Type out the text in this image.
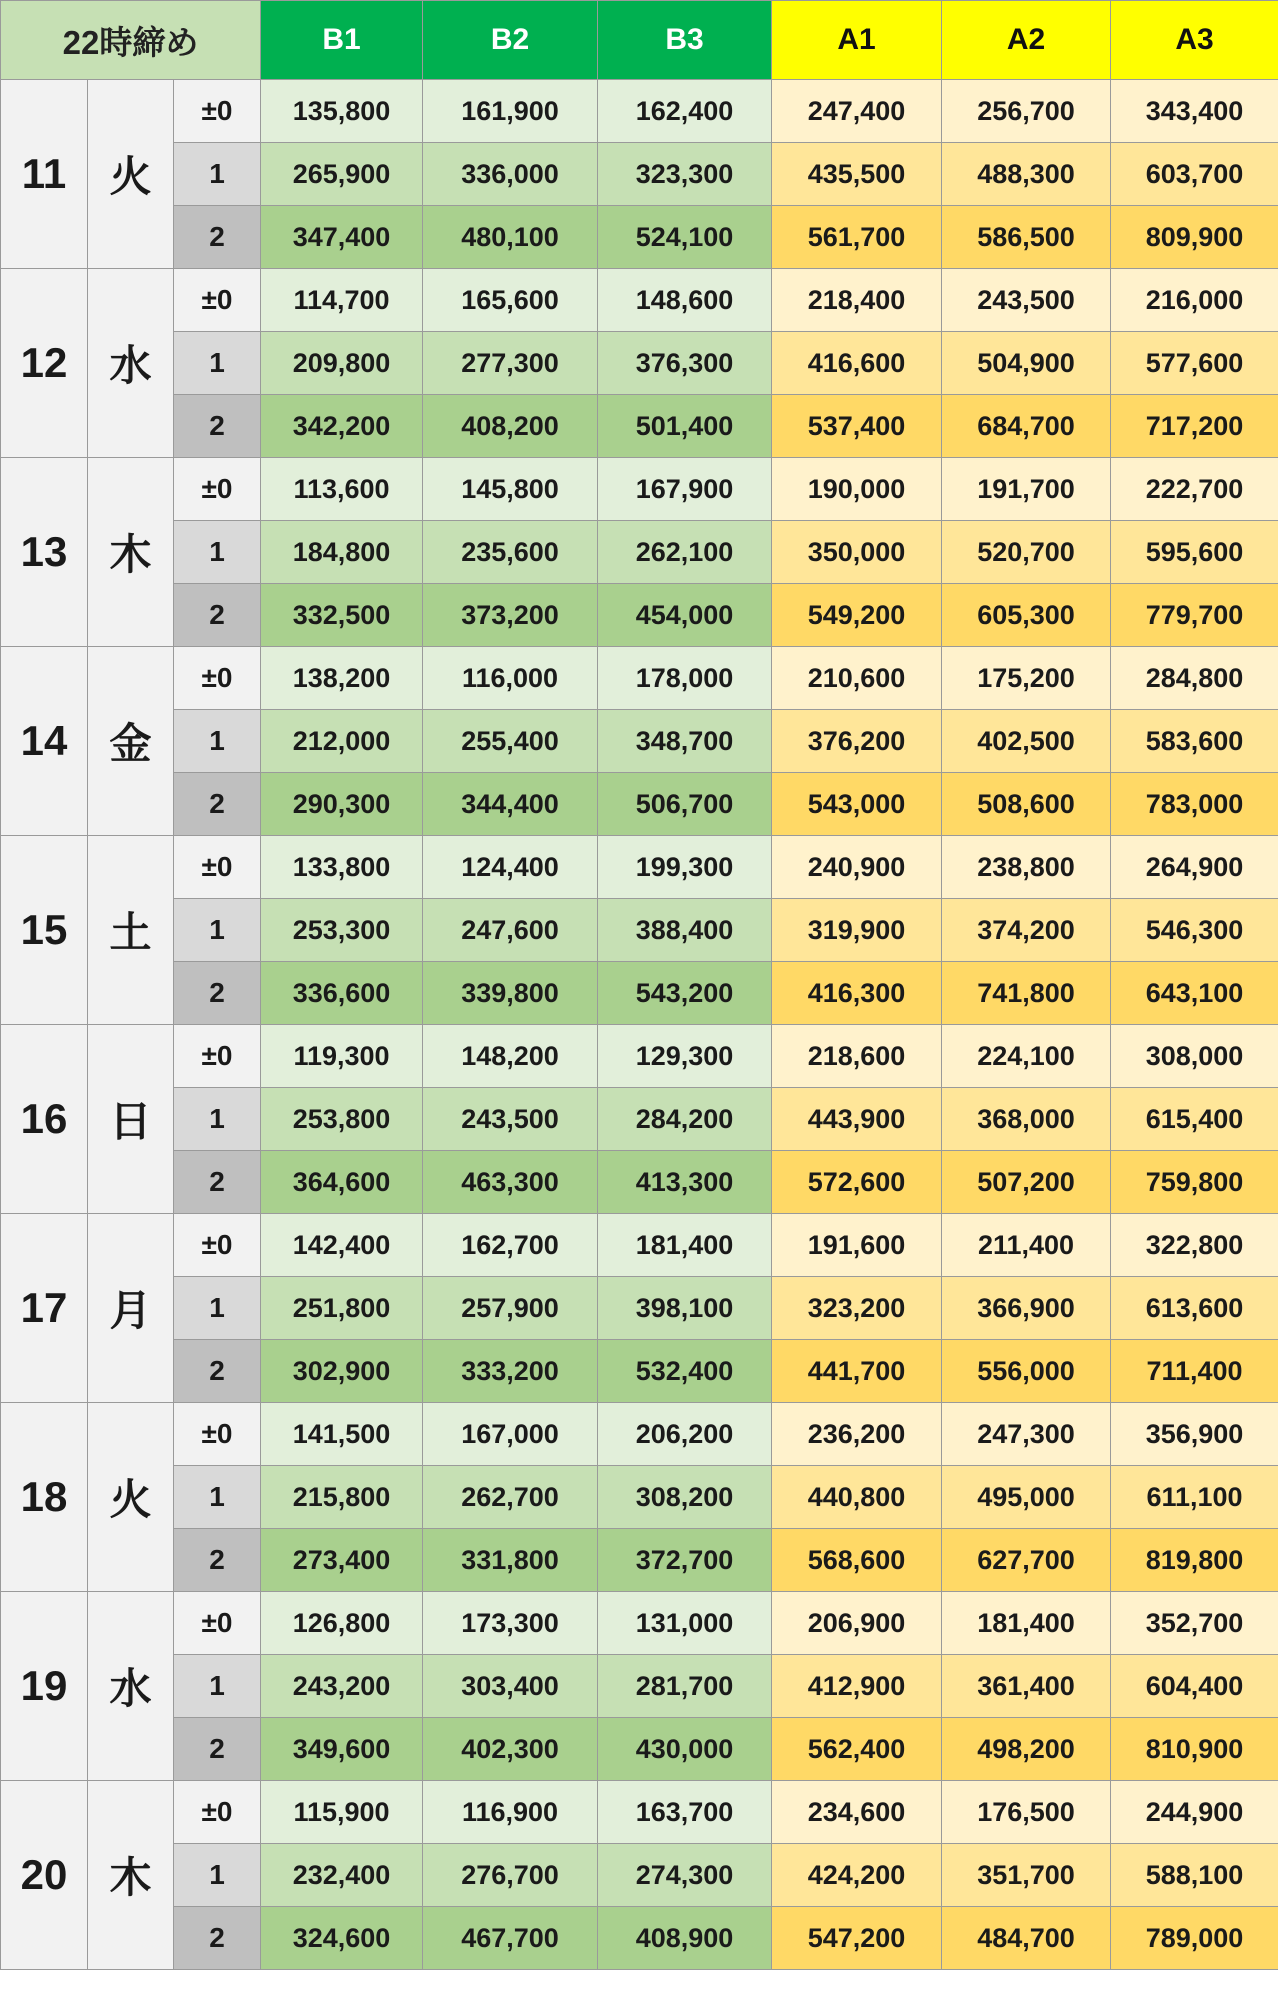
22時締め			B1	B2	B3	A1	A2	A3
11	火	±0	135,800	161,900	162,400	247,400	256,700	343,400
		1	265,900	336,000	323,300	435,500	488,300	603,700
		2	347,400	480,100	524,100	561,700	586,500	809,900
12	水	±0	114,700	165,600	148,600	218,400	243,500	216,000
		1	209,800	277,300	376,300	416,600	504,900	577,600
		2	342,200	408,200	501,400	537,400	684,700	717,200
13	木	±0	113,600	145,800	167,900	190,000	191,700	222,700
		1	184,800	235,600	262,100	350,000	520,700	595,600
		2	332,500	373,200	454,000	549,200	605,300	779,700
14	金	±0	138,200	116,000	178,000	210,600	175,200	284,800
		1	212,000	255,400	348,700	376,200	402,500	583,600
		2	290,300	344,400	506,700	543,000	508,600	783,000
15	土	±0	133,800	124,400	199,300	240,900	238,800	264,900
		1	253,300	247,600	388,400	319,900	374,200	546,300
		2	336,600	339,800	543,200	416,300	741,800	643,100
16	日	±0	119,300	148,200	129,300	218,600	224,100	308,000
		1	253,800	243,500	284,200	443,900	368,000	615,400
		2	364,600	463,300	413,300	572,600	507,200	759,800
17	月	±0	142,400	162,700	181,400	191,600	211,400	322,800
		1	251,800	257,900	398,100	323,200	366,900	613,600
		2	302,900	333,200	532,400	441,700	556,000	711,400
18	火	±0	141,500	167,000	206,200	236,200	247,300	356,900
		1	215,800	262,700	308,200	440,800	495,000	611,100
		2	273,400	331,800	372,700	568,600	627,700	819,800
19	水	±0	126,800	173,300	131,000	206,900	181,400	352,700
		1	243,200	303,400	281,700	412,900	361,400	604,400
		2	349,600	402,300	430,000	562,400	498,200	810,900
20	木	±0	115,900	116,900	163,700	234,600	176,500	244,900
		1	232,400	276,700	274,300	424,200	351,700	588,100
		2	324,600	467,700	408,900	547,200	484,700	789,000
